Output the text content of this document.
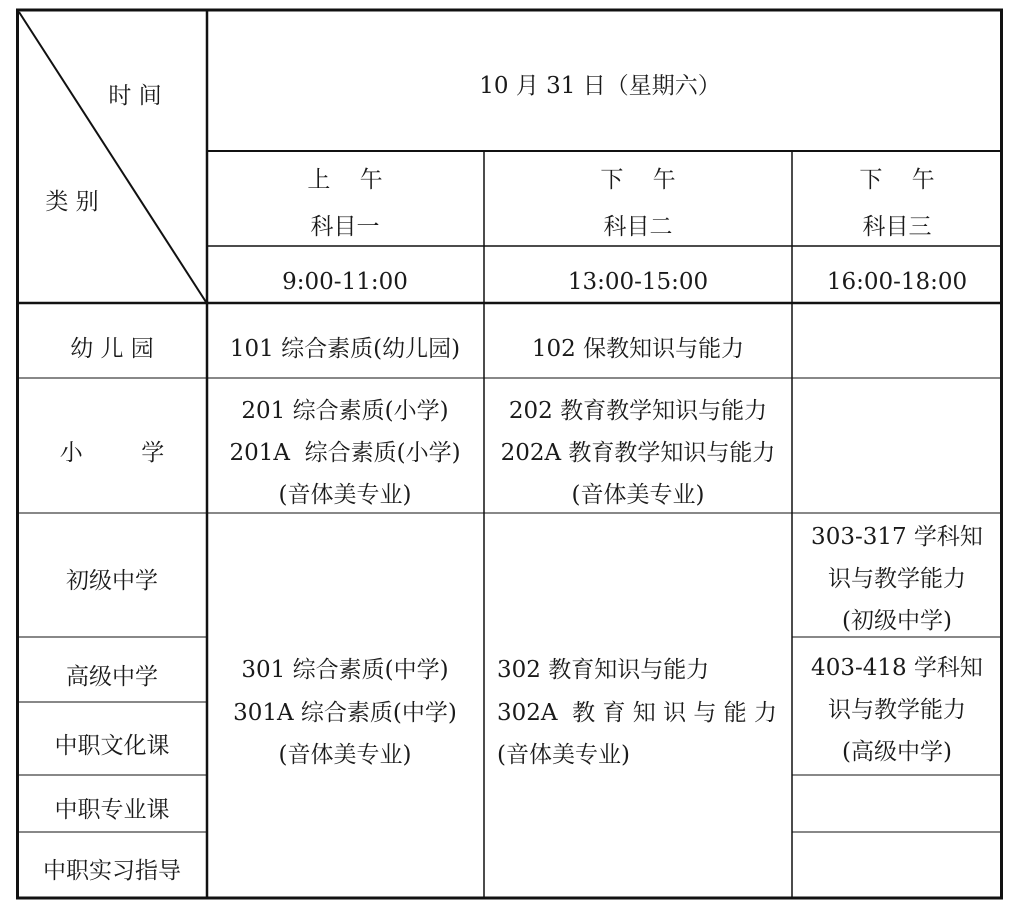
时 间
类 别
10 月 31 日（星期六）
上    午
科目一
9:00-11:00
下    午
科目二
13:00-15:00
下    午
科目三
16:00-18:00
幼 儿 园
小        学
初级中学
高级中学
中职文化课
中职专业课
中职实习指导
101 综合素质(幼儿园)	102 保教知识与能力
201 综合素质(小学)
201A  综合素质(小学)
(音体美专业)
202 教育教学知识与能力
202A 教育教学知识与能力
(音体美专业)
301 综合素质(中学)
301A 综合素质(中学)
(音体美专业)
302 教育知识与能力
302A  教 育 知 识 与 能 力
(音体美专业)
303-317 学科知
识与教学能力
(初级中学)
403-418 学科知
识与教学能力
(高级中学)
